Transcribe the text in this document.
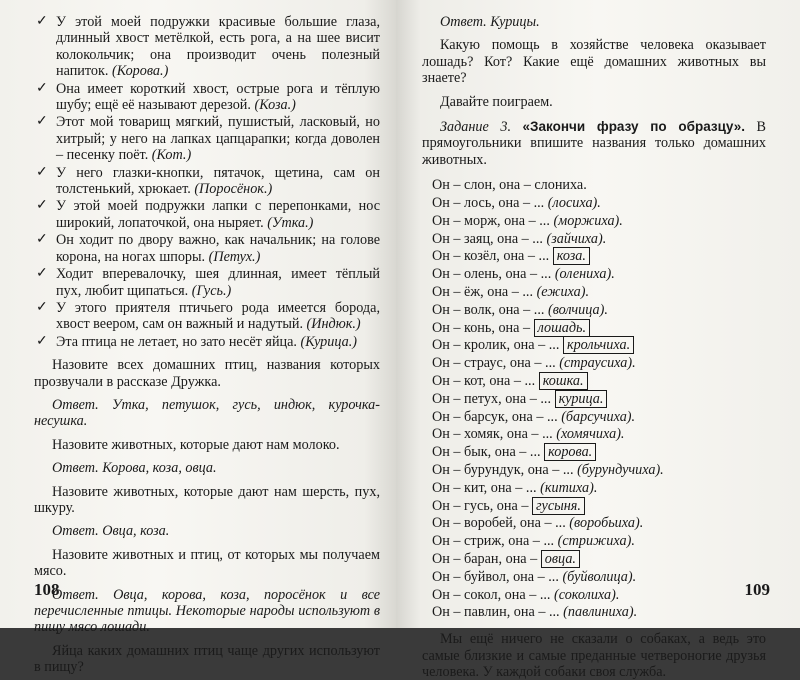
✓ У этой моей подружки красивые большие глаза, длинный хвост метёлкой, есть рога, а на шее висит колокольчик; она производит очень полезный напиток. (Корова.)

✓ Она имеет короткий хвост, острые рога и тёплую шубу; ещё её называют дерезой. (Коза.)

✓ Этот мой товарищ мягкий, пушистый, ласковый, но хитрый; у него на лапках цапцарапки; когда доволен – песенку поёт. (Кот.)

✓ У него глазки-кнопки, пятачок, щетина, сам он толстенький, хрюкает. (Поросёнок.)

✓ У этой моей подружки лапки с перепонками, нос широкий, лопаточкой, она ныряет. (Утка.)

✓ Он ходит по двору важно, как начальник; на голове корона, на ногах шпоры. (Петух.)

✓ Ходит вперевалочку, шея длинная, имеет тёплый пух, любит щипаться. (Гусь.)

✓ У этого приятеля птичьего рода имеется борода, хвост веером, сам он важный и надутый. (Индюк.)

✓ Эта птица не летает, но зато несёт яйца. (Курица.)

Назовите всех домашних птиц, названия которых прозвучали в рассказе Дружка.

Ответ. Утка, петушок, гусь, индюк, курочка-несушка.

Назовите животных, которые дают нам молоко.

Ответ. Корова, коза, овца.

Назовите животных, которые дают нам шерсть, пух, шкуру.

Ответ. Овца, коза.

Назовите животных и птиц, от которых мы получаем мясо.

Ответ. Овца, корова, коза, поросёнок и все перечисленные птицы. Некоторые народы используют в пищу мясо лошади.

Яйца каких домашних птиц чаще других используют в пищу?

108

Ответ. Курицы.

Какую помощь в хозяйстве человека оказывает лошадь? Кот? Какие ещё домашних животных вы знаете?

Давайте поиграем.

Задание 3. «Закончи фразу по образцу». В прямоугольники впишите названия только домашних животных.

Он – слон, она – слониха.
Он – лось, она – ... (лосиха).
Он – морж, она – ... (моржиха).
Он – заяц, она – ... (зайчиха).
Он – козёл, она – ... коза.
Он – олень, она – ... (олениха).
Он – ёж, она – ... (ежиха).
Он – волк, она – ... (волчица).
Он – конь, она – лошадь.
Он – кролик, она – ... крольчиха.
Он – страус, она – ... (страусиха).
Он – кот, она – ... кошка.
Он – петух, она – ... курица.
Он – барсук, она – ... (барсучиха).
Он – хомяк, она – ... (хомячиха).
Он – бык, она – ... корова.
Он – бурундук, она – ... (бурундучиха).
Он – кит, она – ... (китиха).
Он – гусь, она – гусыня.
Он – воробей, она – ... (воробьиха).
Он – стриж, она – ... (стрижиха).
Он – баран, она – овца.
Он – буйвол, она – ... (буйволица).
Он – сокол, она – ... (соколиха).
Он – павлин, она – ... (павлиниха).

Мы ещё ничего не сказали о собаках, а ведь это самые близкие и самые преданные четвероногие друзья человека. У каждой собаки своя служба.

109
